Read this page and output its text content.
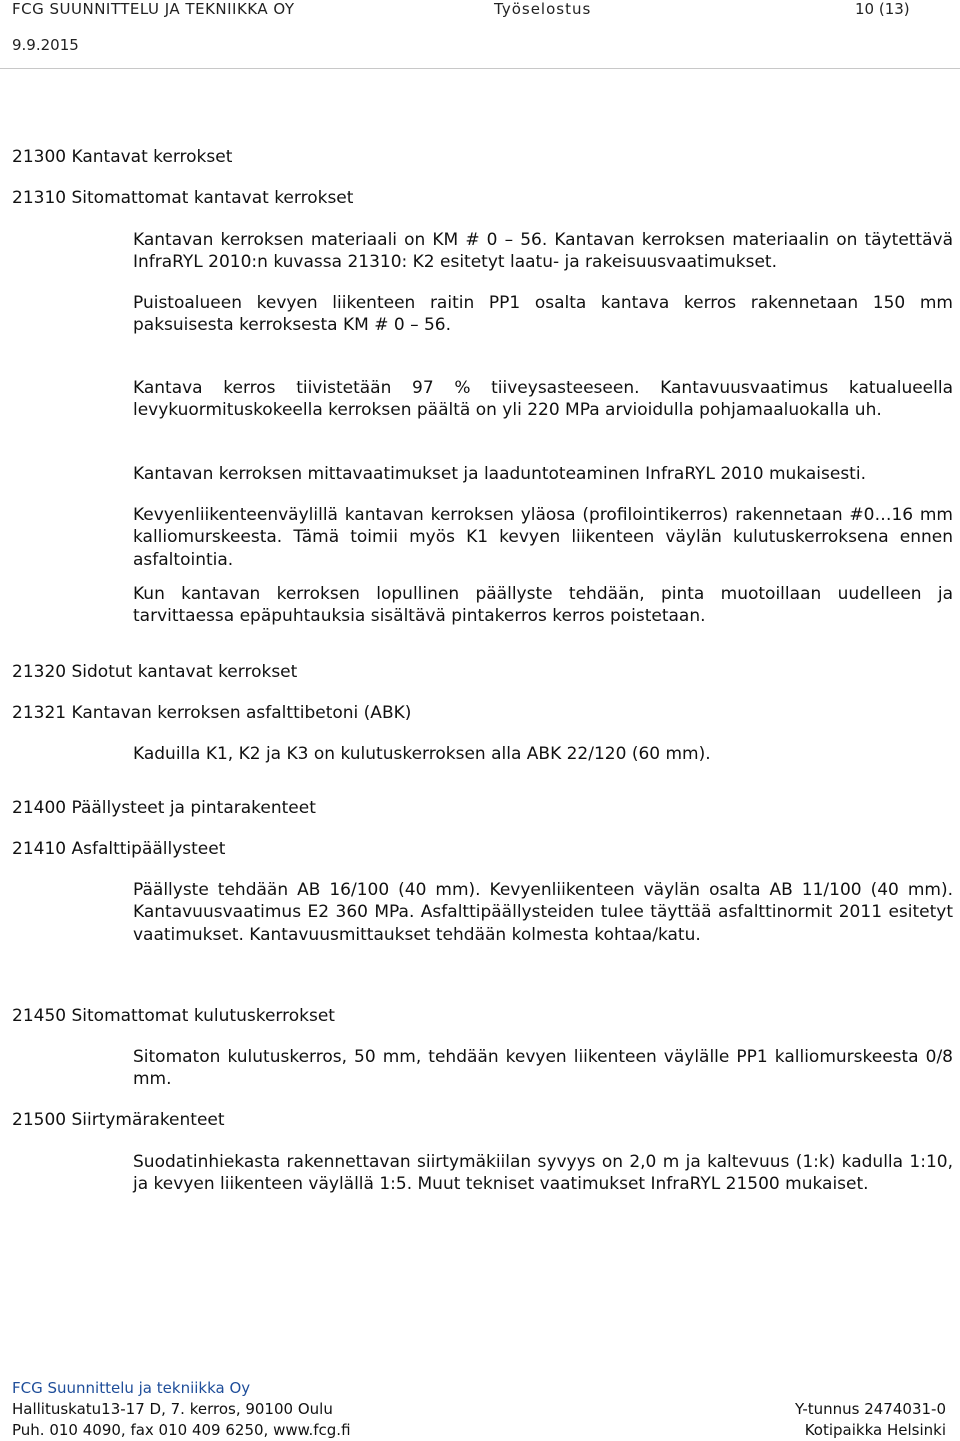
FCG SUUNNITTELU JA TEKNIIKKA OY	Työselostus	10 (13)
9.9.2015
21300 Kantavat kerrokset
21310 Sitomattomat kantavat kerrokset

Kantavan kerroksen materiaali on KM # 0 – 56. Kantavan kerroksen materiaalin on täytettävä InfraRYL 2010:n kuvassa 21310: K2 esitetyt laatu- ja rakeisuusvaatimukset.

Puistoalueen kevyen liikenteen raitin PP1 osalta kantava kerros rakennetaan 150 mm paksuisesta kerroksesta KM # 0 – 56.

Kantava kerros tiivistetään 97 % tiiveysasteeseen. Kantavuusvaatimus katualueella levykuormituskokeella kerroksen päältä on yli 220 MPa arvioidulla pohjamaaluokalla uh.

Kantavan kerroksen mittavaatimukset ja laaduntoteaminen InfraRYL 2010 mukaisesti.

Kevyenliikenteenväylillä kantavan kerroksen yläosa (profilointikerros) rakennetaan #0…16 mm kalliomurskeesta. Tämä toimii myös K1 kevyen liikenteen väylän kulutuskerroksena ennen asfaltointia.

Kun kantavan kerroksen lopullinen päällyste tehdään, pinta muotoillaan uudelleen ja tarvittaessa epäpuhtauksia sisältävä pintakerros kerros poistetaan.

21320 Sidotut kantavat kerrokset
21321 Kantavan kerroksen asfalttibetoni (ABK)

Kaduilla K1, K2 ja K3 on kulutuskerroksen alla ABK 22/120 (60 mm).

21400 Päällysteet ja pintarakenteet
21410 Asfalttipäällysteet

Päällyste tehdään AB 16/100 (40 mm). Kevyenliikenteen väylän osalta AB 11/100 (40 mm). Kantavuusvaatimus E2 360 MPa. Asfalttipäällysteiden tulee täyttää asfalttinormit 2011 esitetyt vaatimukset. Kantavuusmittaukset tehdään kolmesta kohtaa/katu.

21450 Sitomattomat kulutuskerrokset

Sitomaton kulutuskerros, 50 mm, tehdään kevyen liikenteen väylälle PP1 kalliomurskeesta 0/8 mm.

21500 Siirtymärakenteet

Suodatinhiekasta rakennettavan siirtymäkiilan syvyys on 2,0 m ja kaltevuus (1:k) kadulla 1:10, ja kevyen liikenteen väylällä 1:5. Muut tekniset vaatimukset InfraRYL 21500 mukaiset.

FCG Suunnittelu ja tekniikka Oy
Hallituskatu13-17 D, 7. kerros, 90100 Oulu
Puh. 010 4090, fax 010 409 6250, www.fcg.fi
Y-tunnus 2474031-0
Kotipaikka Helsinki
